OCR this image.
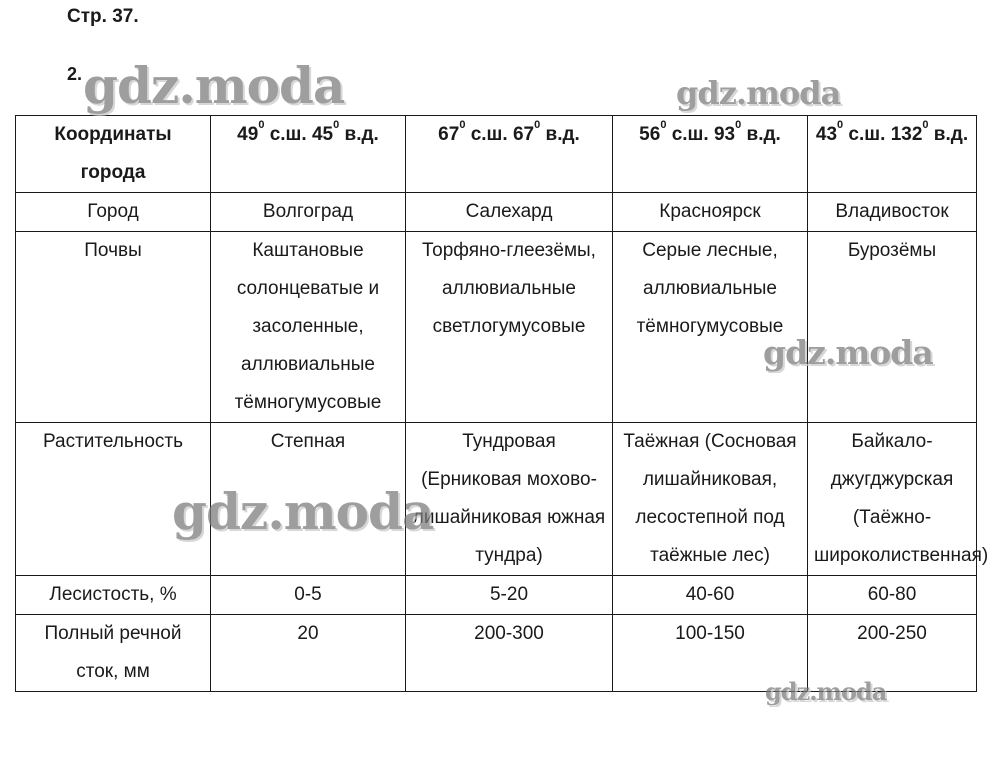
Стр. 37.
2.
Координаты города	$49^0$ с.ш. $45^0$ в.д.	$67^0$ с.ш. $67^0$ в.д.	$56^0$ с.ш. $93^0$ в.д.	$43^0$ с.ш. $132^0$ в.д.
Город	Волгоград	Салехард	Красноярск	Владивосток
Почвы	Каштановые солонцеватые и засоленные, аллювиальные тёмногумусовые	Торфяно-глеезёмы, аллювиальные светлогумусовые	Серые лесные, аллювиальные тёмногумусовые	Бурозёмы
Растительность	Степная	Тундровая (Ерниковая мохово-лишайниковая южная тундра)	Таёжная (Сосновая лишайниковая, лесостепной под таёжные лес)	Байкало-джугджурская (Таёжно-широколиственная)
Лесистость, %	0-5	5-20	40-60	60-80
Полный речной сток, мм	20	200-300	100-150	200-250
gdz.moda	gdz.moda
gdz.moda
gdz.moda
gdz.moda
